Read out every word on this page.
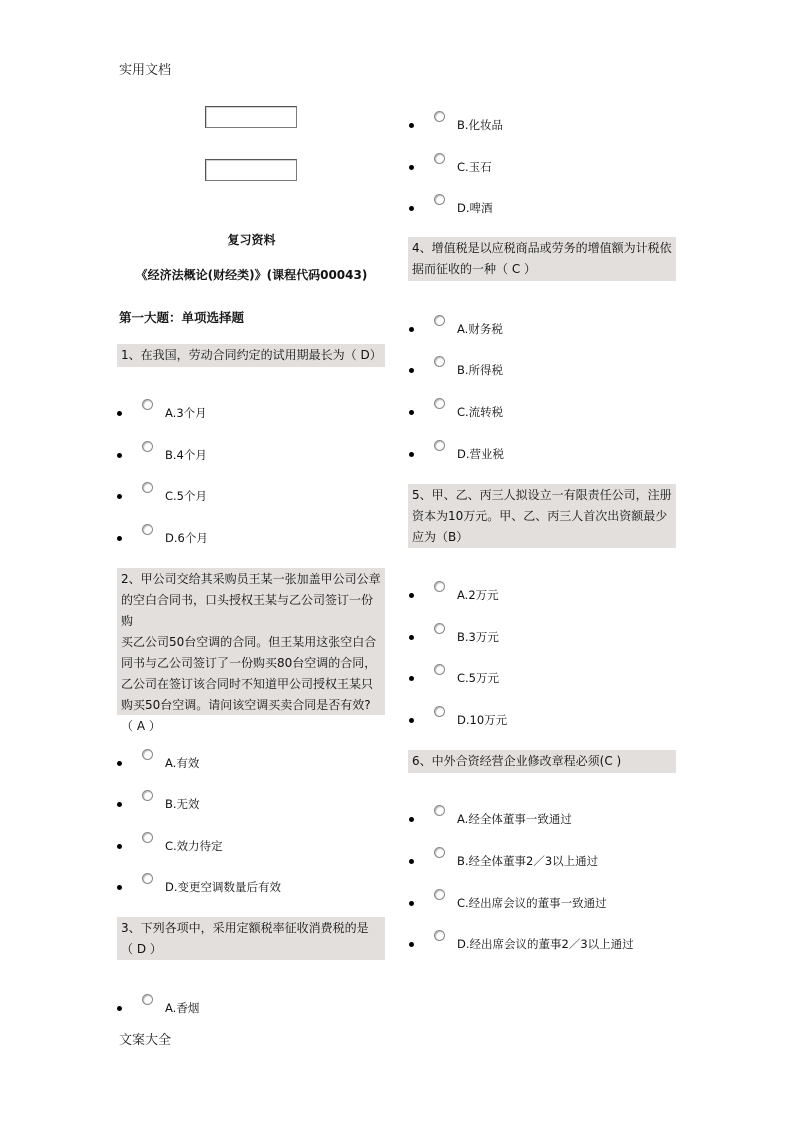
实用文档
文案大全
复习资料
《经济法概论(财经类)》(课程代码00043)
第一大题：单项选择题
1、在我国，劳动合同约定的试用期最长为（ D）
A.3个月
B.4个月
C.5个月
D.6个月
2、甲公司交给其采购员王某一张加盖甲公司公章
的空白合同书，口头授权王某与乙公司签订一份购
买乙公司50台空调的合同。但王某用这张空白合
同书与乙公司签订了一份购买80台空调的合同，
乙公司在签订该合同时不知道甲公司授权王某只
购买50台空调。请问该空调买卖合同是否有效?
（ A ）
A.有效
B.无效
C.效力待定
D.变更空调数量后有效
3、下列各项中，采用定额税率征收消费税的是
（ D ）
A.香烟
B.化妆品
C.玉石
D.啤酒
4、增值税是以应税商品或劳务的增值额为计税依
据而征收的一种（ C ）
A.财务税
B.所得税
C.流转税
D.营业税
5、甲、乙、丙三人拟设立一有限责任公司，注册
资本为10万元。甲、乙、丙三人首次出资额最少
应为（B）
A.2万元
B.3万元
C.5万元
D.10万元
6、中外合资经营企业修改章程必须(C )
A.经全体董事一致通过
B.经全体董事2／3以上通过
C.经出席会议的董事一致通过
D.经出席会议的董事2／3以上通过
